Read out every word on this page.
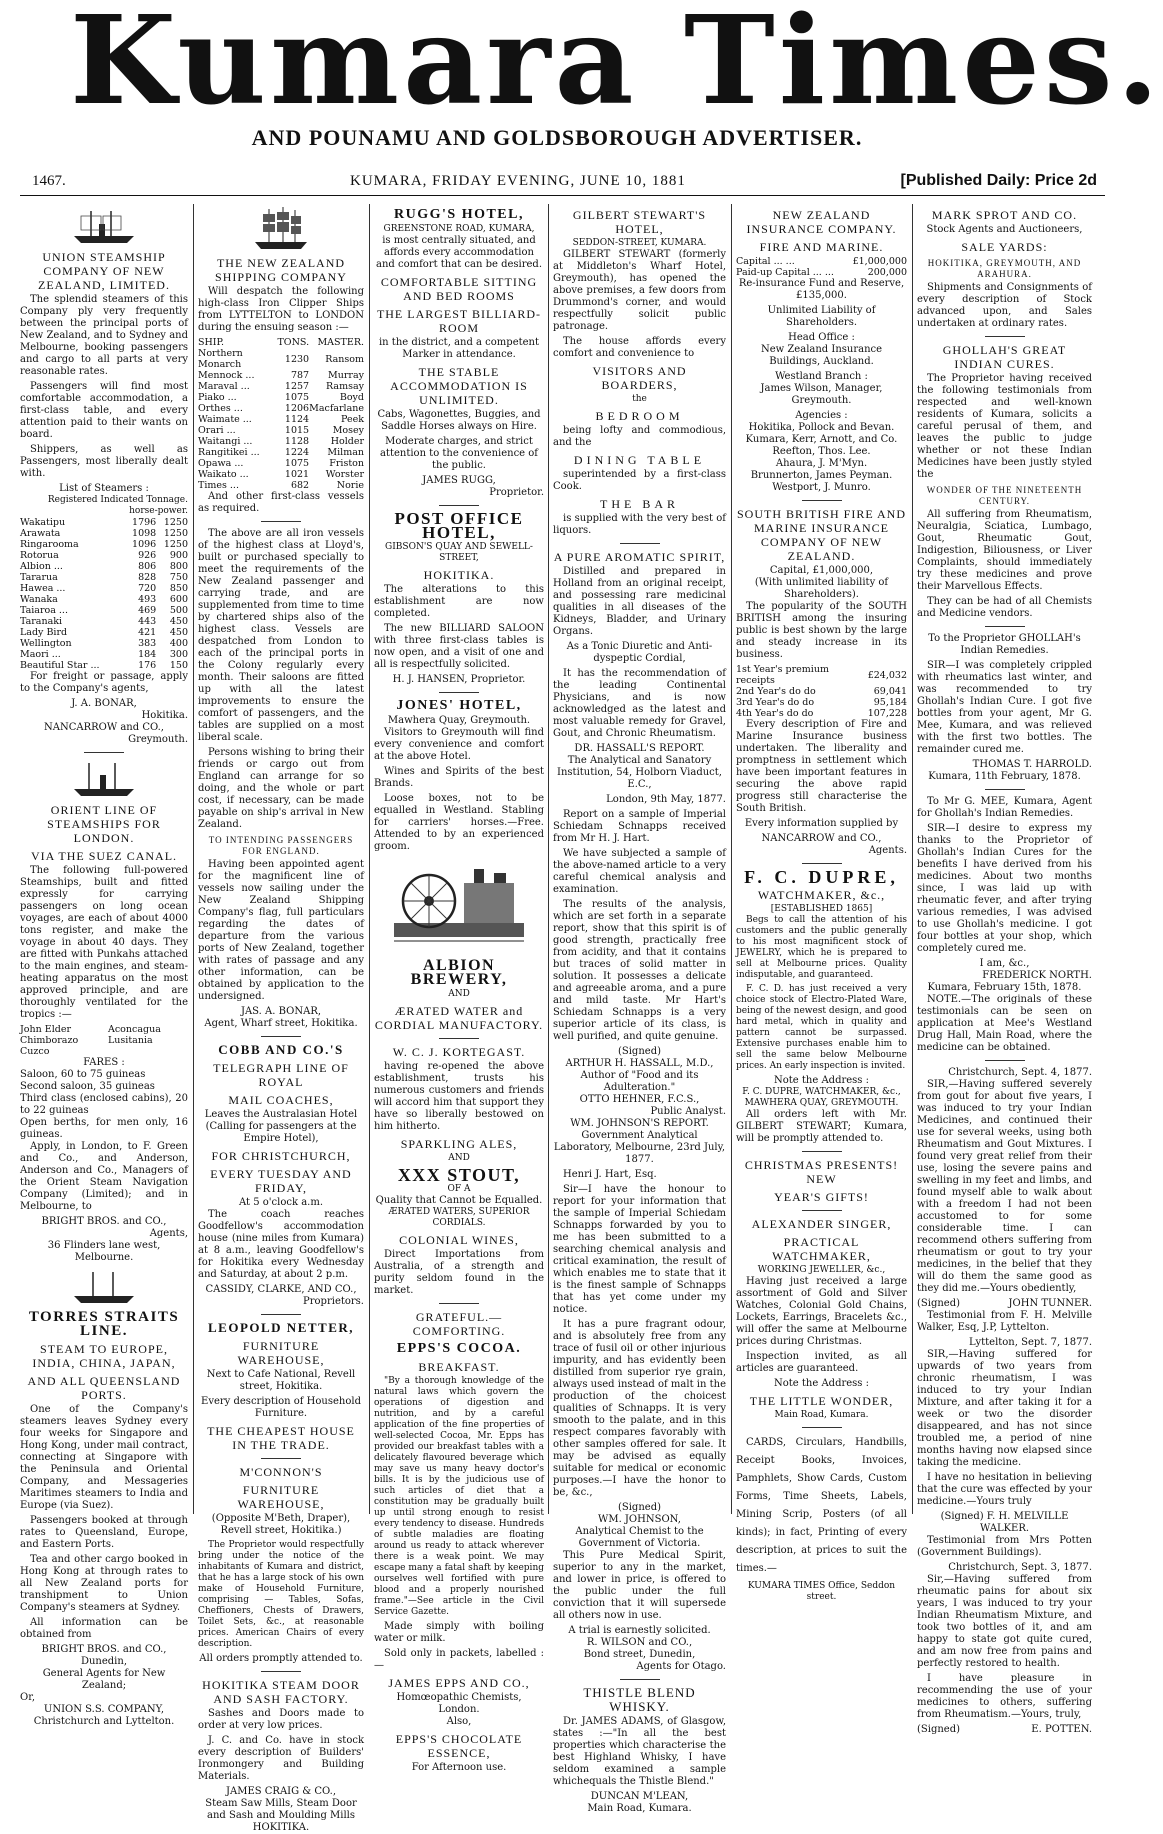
Kumara Times.
AND POUNAMU AND GOLDSBOROUGH ADVERTISER.
1467.	KUMARA, FRIDAY EVENING, JUNE 10, 1881	[Published Daily: Price 2d
UNION STEAMSHIP COMPANY OF NEW ZEALAND, LIMITED.

The splendid steamers of this Company ply very frequently between the principal ports of New Zealand, and to Sydney and Melbourne, booking passengers and cargo to all parts at very reasonable rates.

Passengers will find most comfortable accommodation, a first-class table, and every attention paid to their wants on board.

Shippers, as well as Passengers, most liberally dealt with.

List of Steamers :
Registered Indicated Tonnage. horse-power.
Wakatipu	1796	1250
Arawata	1098	1250
Ringarooma	1096	1250
Rotorua	926	900
Albion ...	806	800
Tararua	828	750
Hawea ...	720	850
Wanaka	493	600
Taiaroa ...	469	500
Taranaki	443	450
Lady Bird	421	450
Wellington	383	400
Maori ...	184	300
Beautiful Star ...	176	150

For freight or passage, apply to the Company's agents,

J. A. BONAR,
Hokitika.
NANCARROW and CO.,
Greymouth.
ORIENT LINE OF STEAMSHIPS FOR LONDON.
VIA THE SUEZ CANAL.

The following full-powered Steamships, built and fitted expressly for carrying passengers on long ocean voyages, are each of about 4000 tons register, and make the voyage in about 40 days. They are fitted with Punkahs attached to the main engines, and steam-heating apparatus on the most approved principle, and are thoroughly ventilated for the tropics :—

John Elder	Aconcagua
Chimborazo	Lusitania
Cuzco	
FARES :
Saloon, 60 to 75 guineas
Second saloon, 35 guineas
Third class (enclosed cabins), 20 to 22 guineas
Open berths, for men only, 16 guineas.

Apply, in London, to F. Green and Co., and Anderson, Anderson and Co., Managers of the Orient Steam Navigation Company (Limited); and in Melbourne, to

BRIGHT BROS. and CO.,
Agents,
36 Flinders lane west, Melbourne.
TORRES STRAITS LINE.
STEAM TO EUROPE, INDIA, CHINA, JAPAN,
AND ALL QUEENSLAND PORTS.

One of the Company's steamers leaves Sydney every four weeks for Singapore and Hong Kong, under mail contract, connecting at Singapore with the Peninsula and Oriental Company, and Messageries Maritimes steamers to India and Europe (via Suez).

Passengers booked at through rates to Queensland, Europe, and Eastern Ports.

Tea and other cargo booked in Hong Kong at through rates to all New Zealand ports for transhipment to Union Company's steamers at Sydney.

All information can be obtained from

BRIGHT BROS. and CO.,
Dunedin,
General Agents for New Zealand;
Or,
UNION S.S. COMPANY,
Christchurch and Lyttelton.
THE NEW ZEALAND SHIPPING COMPANY

Will despatch the following high-class Iron Clipper Ships from LYTTELTON to LONDON during the ensuing season :—

SHIP.	TONS.	MASTER.
Northern Monarch	1230	Ransom
Mennock ...	787	Murray
Maraval ...	1257	Ramsay
Piako ...	1075	Boyd
Orthes ...	1206	Macfarlane
Waimate ...	1124	Peek
Orari ...	1015	Mosey
Waitangi ...	1128	Holder
Rangitikei ...	1224	Milman
Opawa ...	1075	Friston
Waikato ...	1021	Worster
Times ...	682	Norie

And other first-class vessels as required.

The above are all iron vessels of the highest class at Lloyd's, built or purchased specially to meet the requirements of the New Zealand passenger and carrying trade, and are supplemented from time to time by chartered ships also of the highest class. Vessels are despatched from London to each of the principal ports in the Colony regularly every month. Their saloons are fitted up with all the latest improvements to ensure the comfort of passengers, and the tables are supplied on a most liberal scale.

Persons wishing to bring their friends or cargo out from England can arrange for so doing, and the whole or part cost, if necessary, can be made payable on ship's arrival in New Zealand.

TO INTENDING PASSENGERS FOR ENGLAND.

Having been appointed agent for the magnificent line of vessels now sailing under the New Zealand Shipping Company's flag, full particulars regarding the dates of departure from the various ports of New Zealand, together with rates of passage and any other information, can be obtained by application to the undersigned.

JAS. A. BONAR,
Agent, Wharf street, Hokitika.
COBB AND CO.'S
TELEGRAPH LINE OF ROYAL
MAIL COACHES,

Leaves the Australasian Hotel (Calling for passengers at the Empire Hotel),

FOR CHRISTCHURCH,
EVERY TUESDAY AND FRIDAY,
At 5 o'clock a.m.

The coach reaches Goodfellow's accommodation house (nine miles from Kumara) at 8 a.m., leaving Goodfellow's for Hokitika every Wednesday and Saturday, at about 2 p.m.

CASSIDY, CLARKE, AND CO.,
Proprietors.
LEOPOLD NETTER,
FURNITURE WAREHOUSE,

Next to Cafe National, Revell street, Hokitika.

Every description of Household Furniture.

THE CHEAPEST HOUSE IN THE TRADE.
M'CONNON'S
FURNITURE WAREHOUSE,

(Opposite M'Beth, Draper), Revell street, Hokitika.)

The Proprietor would respectfully bring under the notice of the inhabitants of Kumara and district, that he has a large stock of his own make of Household Furniture, comprising — Tables, Sofas, Cheffioners, Chests of Drawers, Toilet Sets, &c., at reasonable prices. American Chairs of every description.

All orders promptly attended to.

HOKITIKA STEAM DOOR AND SASH FACTORY.

Sashes and Doors made to order at very low prices.

J. C. and Co. have in stock every description of Builders' Ironmongery and Building Materials.

JAMES CRAIG & CO.,
Steam Saw Mills, Steam Door and Sash and Moulding Mills
HOKITIKA.
RUGG'S HOTEL,
GREENSTONE ROAD, KUMARA,

is most centrally situated, and affords every accommodation and comfort that can be desired.

COMFORTABLE SITTING AND BED ROOMS
THE LARGEST BILLIARD-ROOM

in the district, and a competent Marker in attendance.

THE STABLE ACCOMMODATION IS UNLIMITED.

Cabs, Wagonettes, Buggies, and Saddle Horses always on Hire.

Moderate charges, and strict attention to the convenience of the public.

JAMES RUGG,
Proprietor.
POST OFFICE HOTEL,
GIBSON'S QUAY AND SEWELL-STREET,
HOKITIKA.

The alterations to this establishment are now completed.

The new BILLIARD SALOON with three first-class tables is now open, and a visit of one and all is respectfully solicited.

H. J. HANSEN, Proprietor.
JONES' HOTEL,
Mawhera Quay, Greymouth.

Visitors to Greymouth will find every convenience and comfort at the above Hotel.

Wines and Spirits of the best Brands.

Loose boxes, not to be equalled in Westland. Stabling for carriers' horses.—Free. Attended to by an experienced groom.

ALBION BREWERY,
AND
ÆRATED WATER and CORDIAL MANUFACTORY.
W. C. J. KORTEGAST.

having re-opened the above establishment, trusts his numerous customers and friends will accord him that support they have so liberally bestowed on him hitherto.

SPARKLING ALES,
AND
XXX STOUT,
OF A
Quality that Cannot be Equalled.
ÆRATED WATERS, SUPERIOR CORDIALS.
COLONIAL WINES,

Direct Importations from Australia, of a strength and purity seldom found in the market.

GRATEFUL.—COMFORTING.
EPPS'S COCOA.
BREAKFAST.

"By a thorough knowledge of the natural laws which govern the operations of digestion and nutrition, and by a careful application of the fine properties of well-selected Cocoa, Mr. Epps has provided our breakfast tables with a delicately flavoured beverage which may save us many heavy doctor's bills. It is by the judicious use of such articles of diet that a constitution may be gradually built up until strong enough to resist every tendency to disease. Hundreds of subtle maladies are floating around us ready to attack wherever there is a weak point. We may escape many a fatal shaft by keeping ourselves well fortified with pure blood and a properly nourished frame."—See article in the Civil Service Gazette.

Made simply with boiling water or milk.

Sold only in packets, labelled :—

JAMES EPPS AND CO.,
Homœopathic Chemists,
London.
Also,
EPPS'S CHOCOLATE ESSENCE,
For Afternoon use.
GILBERT STEWART'S HOTEL,
SEDDON-STREET, KUMARA.

GILBERT STEWART (formerly at Middleton's Wharf Hotel, Greymouth), has opened the above premises, a few doors from Drummond's corner, and would respectfully solicit public patronage.

The house affords every comfort and convenience to

VISITORS AND BOARDERS,
the
BEDROOM

being lofty and commodious, and the

DINING TABLE

superintended by a first-class Cook.

THE BAR

is supplied with the very best of liquors.

A PURE AROMATIC SPIRIT,

Distilled and prepared in Holland from an original receipt, and possessing rare medicinal qualities in all diseases of the Kidneys, Bladder, and Urinary Organs.

As a Tonic Diuretic and Anti-dyspeptic Cordial,

It has the recommendation of the leading Continental Physicians, and is now acknowledged as the latest and most valuable remedy for Gravel, Gout, and Chronic Rheumatism.

DR. HASSALL'S REPORT.

The Analytical and Sanatory Institution, 54, Holborn Viaduct, E.C.,

London, 9th May, 1877.

Report on a sample of Imperial Schiedam Schnapps received from Mr H. J. Hart.

We have subjected a sample of the above-named article to a very careful chemical analysis and examination.

The results of the analysis, which are set forth in a separate report, show that this spirit is of good strength, practically free from acidity, and that it contains but traces of solid matter in solution. It possesses a delicate and agreeable aroma, and a pure and mild taste. Mr Hart's Schiedam Schnapps is a very superior article of its class, is well purified, and quite genuine.

(Signed)
ARTHUR H. HASSALL, M.D.,
Author of "Food and its Adulteration."
OTTO HEHNER, F.C.S.,
Public Analyst.
WM. JOHNSON'S REPORT.

Government Analytical Laboratory, Melbourne, 23rd July, 1877.

Henri J. Hart, Esq.

Sir—I have the honour to report for your information that the sample of Imperial Schiedam Schnapps forwarded by you to me has been submitted to a searching chemical analysis and critical examination, the result of which enables me to state that it is the finest sample of Schnapps that has yet come under my notice.

It has a pure fragrant odour, and is absolutely free from any trace of fusil oil or other injurious impurity, and has evidently been distilled from superior rye grain, always used instead of malt in the production of the choicest qualities of Schnapps. It is very smooth to the palate, and in this respect compares favorably with other samples offered for sale. It may be advised as equally suitable for medical or economic purposes.—I have the honor to be, &c.,

(Signed)
WM. JOHNSON,
Analytical Chemist to the Government of Victoria.

This Pure Medical Spirit, superior to any in the market, and lower in price, is offered to the public under the full conviction that it will supersede all others now in use.

A trial is earnestly solicited.
R. WILSON and CO.,
Bond street, Dunedin,
Agents for Otago.
THISTLE BLEND WHISKY.

Dr. JAMES ADAMS, of Glasgow, states :—"In all the best properties which characterise the best Highland Whisky, I have seldom examined a sample whichequals the Thistle Blend."

DUNCAN M'LEAN,
Main Road, Kumara.
NEW ZEALAND INSURANCE COMPANY.
FIRE AND MARINE.
Capital ... ...	£1,000,000
Paid-up Capital ... ...	200,000

Re-insurance Fund and Reserve, £135,000.

Unlimited Liability of Shareholders.

Head Office :

New Zealand Insurance Buildings, Auckland.

Westland Branch :

James Wilson, Manager, Greymouth.

Agencies :
Hokitika, Pollock and Bevan.
Kumara, Kerr, Arnott, and Co.
Reefton, Thos. Lee.
Ahaura, J. M'Myn.
Brunnerton, James Peyman.
Westport, J. Munro.
SOUTH BRITISH FIRE AND MARINE INSURANCE COMPANY OF NEW ZEALAND.
Capital, £1,000,000,
(With unlimited liability of Shareholders).

The popularity of the SOUTH BRITISH among the insuring public is best shown by the large and steady increase in its business.

1st Year's premium receipts	£24,032
2nd Year's do do	69,041
3rd Year's do do	95,184
4th Year's do do	107,228

Every description of Fire and Marine Insurance business undertaken. The liberality and promptness in settlement which have been important features in securing the above rapid progress still characterise the South British.

Every information supplied by

NANCARROW and CO.,
Agents.
F. C. DUPRE,
WATCHMAKER, &c.,
[ESTABLISHED 1865]

Begs to call the attention of his customers and the public generally to his most magnificent stock of JEWELRY, which he is prepared to sell at Melbourne prices. Quality indisputable, and guaranteed.

F. C. D. has just received a very choice stock of Electro-Plated Ware, being of the newest design, and good hard metal, which in quality and pattern cannot be surpassed. Extensive purchases enable him to sell the same below Melbourne prices. An early inspection is invited.

Note the Address :
F. C. DUPRE, WATCHMAKER, &c.,
MAWHERA QUAY, GREYMOUTH.

All orders left with Mr. GILBERT STEWART; Kumara, will be promptly attended to.

CHRISTMAS PRESENTS! NEW
YEAR'S GIFTS!
ALEXANDER SINGER,
PRACTICAL WATCHMAKER,
WORKING JEWELLER, &c.,

Having just received a large assortment of Gold and Silver Watches, Colonial Gold Chains, Lockets, Earrings, Bracelets &c., will offer the same at Melbourne prices during Christmas.

Inspection invited, as all articles are guaranteed.

Note the Address :
THE LITTLE WONDER,
Main Road, Kumara.

CARDS, Circulars, Handbills, Receipt Books, Invoices, Pamphlets, Show Cards, Custom Forms, Time Sheets, Labels, Mining Scrip, Posters (of all kinds); in fact, Printing of every description, at prices to suit the times.—

KUMARA TIMES Office, Seddon street.
MARK SPROT AND CO.
Stock Agents and Auctioneers,
SALE YARDS:
HOKITIKA, GREYMOUTH, AND ARAHURA.

Shipments and Consignments of every description of Stock advanced upon, and Sales undertaken at ordinary rates.

GHOLLAH'S GREAT INDIAN CURES.

The Proprietor having received the following testimonials from respected and well-known residents of Kumara, solicits a careful perusal of them, and leaves the public to judge whether or not these Indian Medicines have been justly styled the

WONDER OF THE NINETEENTH CENTURY.

All suffering from Rheumatism, Neuralgia, Sciatica, Lumbago, Gout, Rheumatic Gout, Indigestion, Biliousness, or Liver Complaints, should immediately try these medicines and prove their Marvellous Effects.

They can be had of all Chemists and Medicine vendors.

To the Proprietor GHOLLAH's Indian Remedies.

SIR—I was completely crippled with rheumatics last winter, and was recommended to try Ghollah's Indian Cure. I got five bottles from your agent, Mr G. Mee, Kumara, and was relieved with the first two bottles. The remainder cured me.

THOMAS T. HARROLD.
Kumara, 11th February, 1878.

To Mr G. MEE, Kumara, Agent for Ghollah's Indian Remedies.

SIR—I desire to express my thanks to the Proprietor of Ghollah's Indian Cures for the benefits I have derived from his medicines. About two months since, I was laid up with rheumatic fever, and after trying various remedies, I was advised to use Ghollah's medicine. I got four bottles at your shop, which completely cured me.

I am, &c.,
FREDERICK NORTH.
Kumara, February 15th, 1878.

NOTE.—The originals of these testimonials can be seen on application at Mee's Westland Drug Hall, Main Road, where the medicine can be obtained.

Christchurch, Sept. 4, 1877.

SIR,—Having suffered severely from gout for about five years, I was induced to try your Indian Medicines, and continued their use for several weeks, using both Rheumatism and Gout Mixtures. I found very great relief from their use, losing the severe pains and swelling in my feet and limbs, and found myself able to walk about with a freedom I had not been accustomed to for some considerable time. I can recommend others suffering from rheumatism or gout to try your medicines, in the belief that they will do them the same good as they did me.—Yours obediently,

(Signed)	JOHN TUNNER.

Testimonial from F. H. Melville Walker, Esq, J.P, Lyttelton.

Lyttelton, Sept. 7, 1877.

SIR,—Having suffered for upwards of two years from chronic rheumatism, I was induced to try your Indian Mixture, and after taking it for a week or two the disorder disappeared, and has not since troubled me, a period of nine months having now elapsed since taking the medicine.

I have no hesitation in believing that the cure was effected by your medicine.—Yours truly

(Signed) F. H. MELVILLE WALKER.

Testimonial from Mrs Potten (Government Buildings).

Christchurch, Sept. 3, 1877.

Sir,—Having suffered from rheumatic pains for about six years, I was induced to try your Indian Rheumatism Mixture, and took two bottles of it, and am happy to state got quite cured, and am now free from pains and perfectly restored to health.

I have pleasure in recommending the use of your medicines to others, suffering from Rheumatism.—Yours, truly,

(Signed)	E. POTTEN.
